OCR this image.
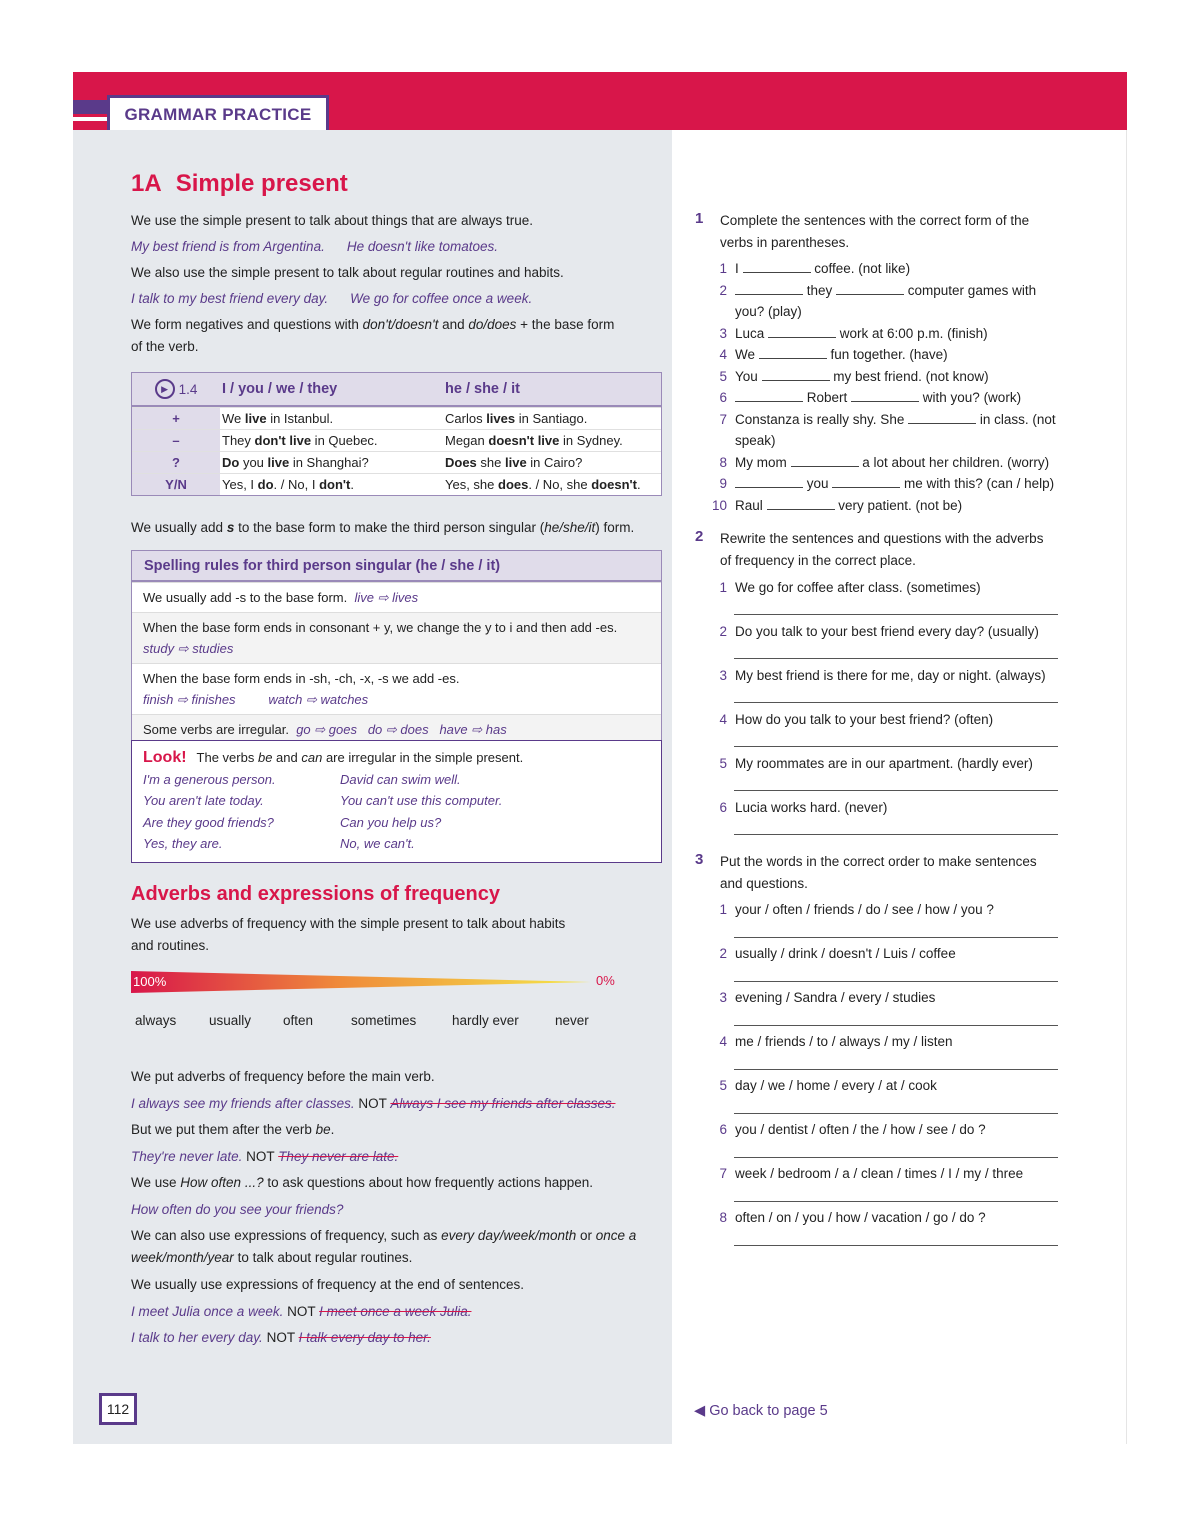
GRAMMAR PRACTICE
1A Simple present
We use the simple present to talk about things that are always true.
My best friend is from Argentina. He doesn't like tomatoes.
We also use the simple present to talk about regular routines and habits.
I talk to my best friend every day. We go for coffee once a week.
We form negatives and questions with don't/doesn't and do/does + the base form
of the verb.
▶ 1.4 I / you / we / they	he / she / it
+	We live in Istanbul.	Carlos lives in Santiago.
–	They don't live in Quebec.	Megan doesn't live in Sydney.
?	Do you live in Shanghai?	Does she live in Cairo?
Y/N	Yes, I do. / No, I don't.	Yes, she does. / No, she doesn't.
We usually add s to the base form to make the third person singular (he/she/it) form.
Spelling rules for third person singular (he / she / it)
We usually add -s to the base form. live ⇨ lives
When the base form ends in consonant + y, we change the y to i and then add -es.
study ⇨ studies
When the base form ends in -sh, -ch, -x, -s we add -es.
finish ⇨ finishes	watch ⇨ watches
Some verbs are irregular. go ⇨ goes do ⇨ does have ⇨ has
Look! The verbs be and can are irregular in the simple present.
I'm a generous person.
You aren't late today.
Are they good friends?
Yes, they are.
David can swim well.
You can't use this computer.
Can you help us?
No, we can't.
Adverbs and expressions of frequency
We use adverbs of frequency with the simple present to talk about habits
and routines.
100%	0%
always usually often	sometimes	hardly ever	never
We put adverbs of frequency before the main verb.
I always see my friends after classes. NOT Always I see my friends after classes.
But we put them after the verb be.
They're never late. NOT They never are late.
We use How often ...? to ask questions about how frequently actions happen.
How often do you see your friends?
We can also use expressions of frequency, such as every day/week/month or once a
week/month/year to talk about regular routines.
We usually use expressions of frequency at the end of sentences.
I meet Julia once a week. NOT I meet once a week Julia.
I talk to her every day. NOT I talk every day to her.
1 Complete the sentences with the correct form of the
verbs in parentheses.
1 I	coffee. (not like)
2	they	computer games with
you? (play)
3 Luca	work at 6:00 p.m. (finish)
4 We	fun together. (have)
5 You	my best friend. (not know)
6	Robert	with you? (work)
7 Constanza is really shy. She	in class. (not
speak)
8 My mom	a lot about her children. (worry)
9	you	me with this? (can / help)
10 Raul	very patient. (not be)
2 Rewrite the sentences and questions with the adverbs
of frequency in the correct place.
1 We go for coffee after class. (sometimes)
2 Do you talk to your best friend every day? (usually)
3 My best friend is there for me, day or night. (always)
4 How do you talk to your best friend? (often)
5 My roommates are in our apartment. (hardly ever)
6 Lucia works hard. (never)
3 Put the words in the correct order to make sentences
and questions.
1 your / often / friends / do / see / how / you ?
2 usually / drink / doesn't / Luis / coffee
3 evening / Sandra / every / studies
4 me / friends / to / always / my / listen
5 day / we / home / every / at / cook
6 you / dentist / often / the / how / see / do ?
7 week / bedroom / a / clean / times / I / my / three
8 often / on / you / how / vacation / go / do ?
112	◀ Go back to page 5
